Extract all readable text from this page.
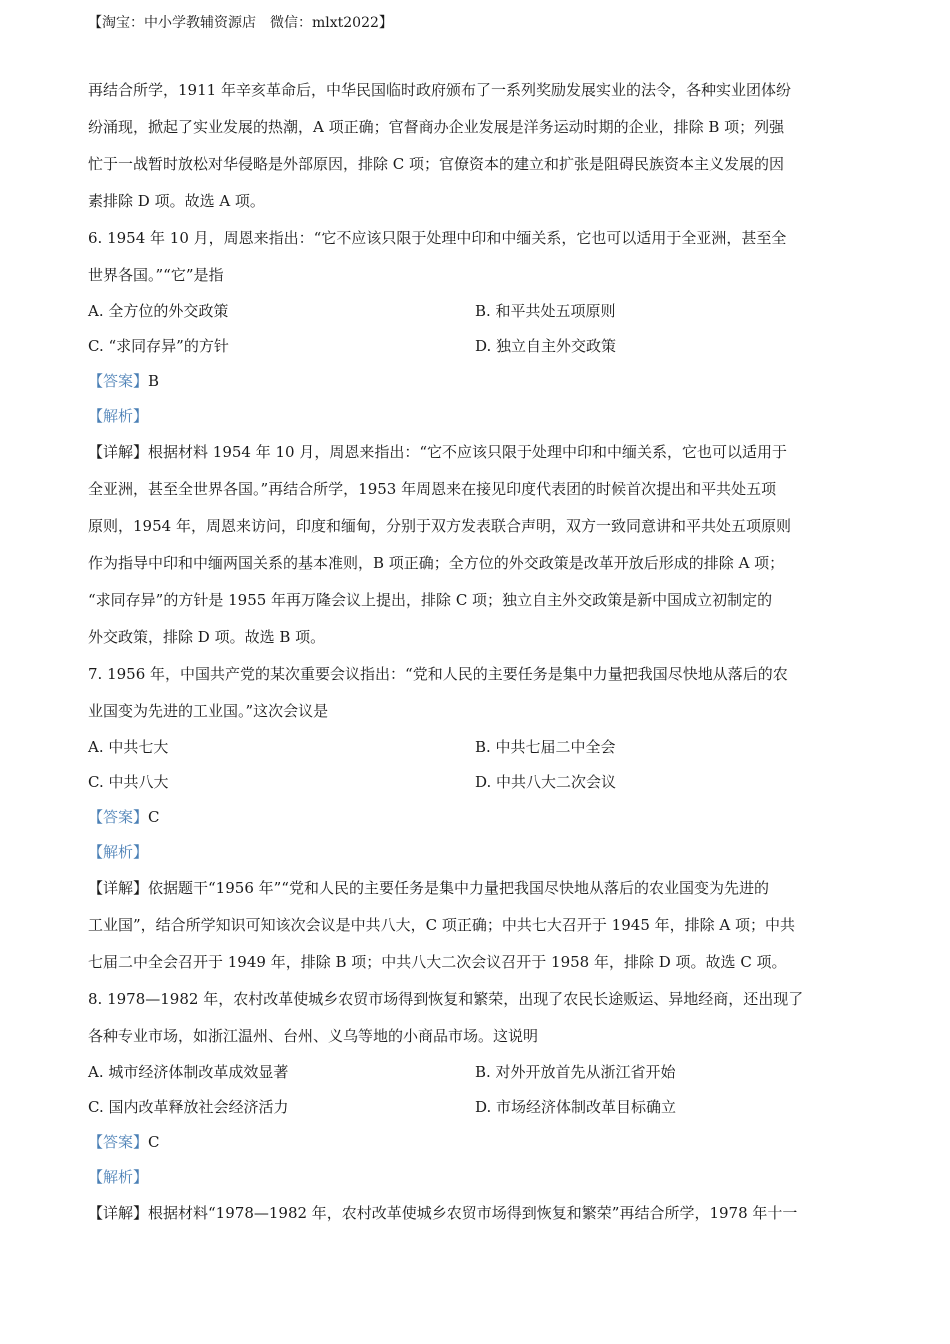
【淘宝：中小学教辅资源店　微信：mlxt2022】

再结合所学，1911 年辛亥革命后，中华民国临时政府颁布了一系列奖励发展实业的法令，各种实业团体纷

纷涌现，掀起了实业发展的热潮，A 项正确；官督商办企业发展是洋务运动时期的企业，排除 B 项；列强

忙于一战暂时放松对华侵略是外部原因，排除 C 项；官僚资本的建立和扩张是阻碍民族资本主义发展的因

素排除 D 项。故选 A 项。

6. 1954 年 10 月，周恩来指出：“它不应该只限于处理中印和中缅关系，它也可以适用于全亚洲，甚至全

世界各国。”“它”是指

A. 全方位的外交政策	B. 和平共处五项原则
C. “求同存异”的方针	D. 独立自主外交政策
【答案】B
【解析】
【详解】根据材料 1954 年 10 月，周恩来指出：“它不应该只限于处理中印和中缅关系，它也可以适用于
全亚洲，甚至全世界各国。”再结合所学，1953 年周恩来在接见印度代表团的时候首次提出和平共处五项
原则，1954 年，周恩来访问，印度和缅甸，分别于双方发表联合声明，双方一致同意讲和平共处五项原则
作为指导中印和中缅两国关系的基本准则，B 项正确；全方位的外交政策是改革开放后形成的排除 A 项；
“求同存异”的方针是 1955 年再万隆会议上提出，排除 C 项；独立自主外交政策是新中国成立初制定的
外交政策，排除 D 项。故选 B 项。

7. 1956 年，中国共产党的某次重要会议指出：“党和人民的主要任务是集中力量把我国尽快地从落后的农

业国变为先进的工业国。”这次会议是

A. 中共七大	B. 中共七届二中全会
C. 中共八大	D. 中共八大二次会议
【答案】C
【解析】
【详解】依据题干“1956 年”“党和人民的主要任务是集中力量把我国尽快地从落后的农业国变为先进的
工业国”，结合所学知识可知该次会议是中共八大，C 项正确；中共七大召开于 1945 年，排除 A 项；中共
七届二中全会召开于 1949 年，排除 B 项；中共八大二次会议召开于 1958 年，排除 D 项。故选 C 项。

8. 1978—1982 年，农村改革使城乡农贸市场得到恢复和繁荣，出现了农民长途贩运、异地经商，还出现了

各种专业市场，如浙江温州、台州、义乌等地的小商品市场。这说明

A. 城市经济体制改革成效显著	B. 对外开放首先从浙江省开始
C. 国内改革释放社会经济活力	D. 市场经济体制改革目标确立
【答案】C
【解析】
【详解】根据材料“1978—1982 年，农村改革使城乡农贸市场得到恢复和繁荣”再结合所学，1978 年十一
